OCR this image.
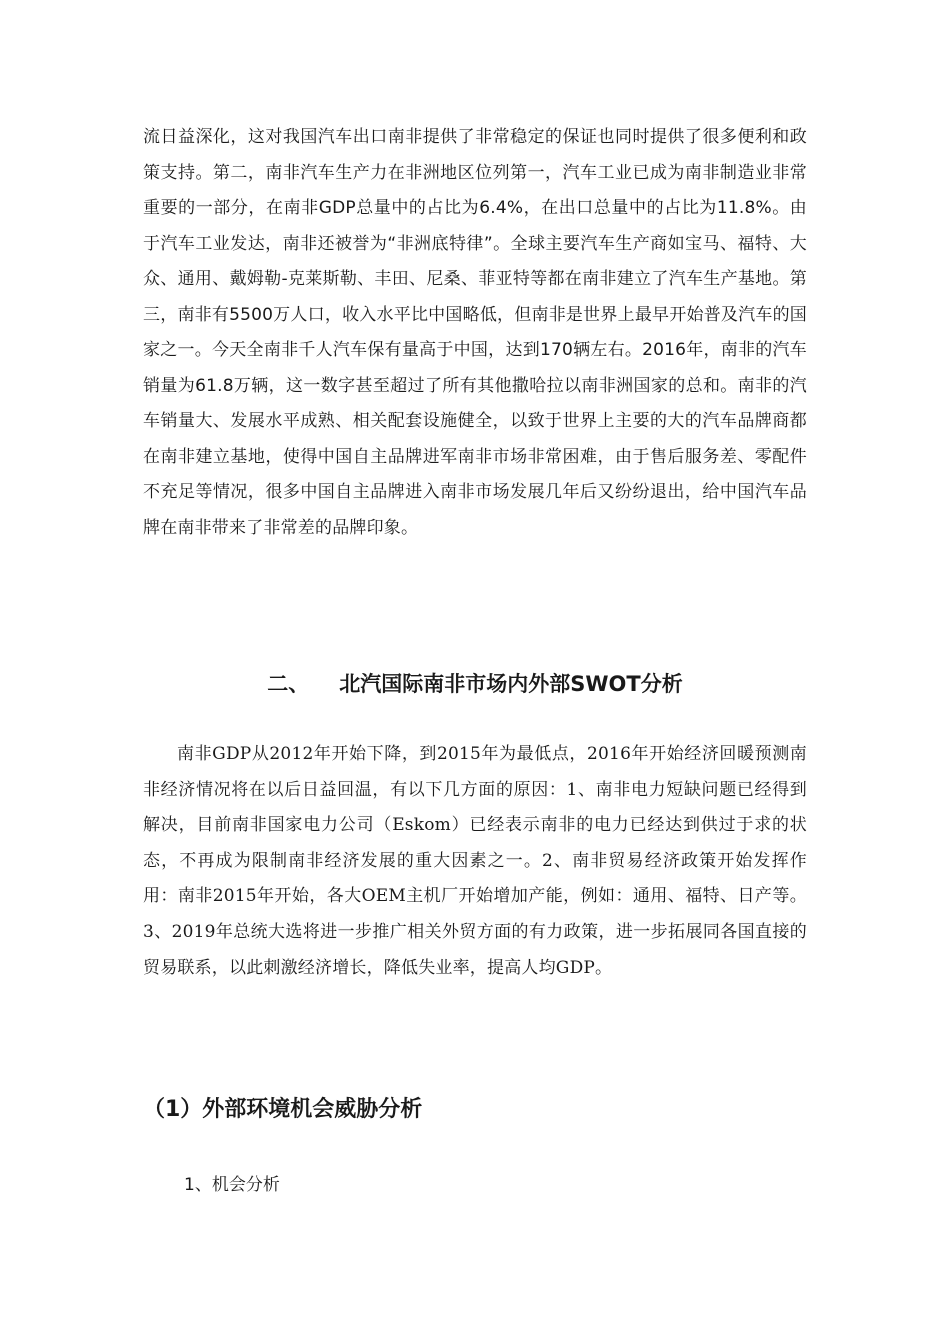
流日益深化，这对我国汽车出口南非提供了非常稳定的保证也同时提供了很多便利和政策支持。第二，南非汽车生产力在非洲地区位列第一，汽车工业已成为南非制造业非常重要的一部分，在南非GDP总量中的占比为6.4%，在出口总量中的占比为11.8%。由于汽车工业发达，南非还被誉为“非洲底特律”。全球主要汽车生产商如宝马、福特、大众、通用、戴姆勒-克莱斯勒、丰田、尼桑、菲亚特等都在南非建立了汽车生产基地。第三，南非有5500万人口，收入水平比中国略低，但南非是世界上最早开始普及汽车的国家之一。今天全南非千人汽车保有量高于中国，达到170辆左右。2016年，南非的汽车销量为61.8万辆，这一数字甚至超过了所有其他撒哈拉以南非洲国家的总和。南非的汽车销量大、发展水平成熟、相关配套设施健全，以致于世界上主要的大的汽车品牌商都在南非建立基地，使得中国自主品牌进军南非市场非常困难，由于售后服务差、零配件不充足等情况，很多中国自主品牌进入南非市场发展几年后又纷纷退出，给中国汽车品牌在南非带来了非常差的品牌印象。

二、 北汽国际南非市场内外部SWOT分析

南非GDP从2012年开始下降，到2015年为最低点，2016年开始经济回暖预测南非经济情况将在以后日益回温，有以下几方面的原因：1、南非电力短缺问题已经得到解决，目前南非国家电力公司（Eskom）已经表示南非的电力已经达到供过于求的状态，不再成为限制南非经济发展的重大因素之一。2、南非贸易经济政策开始发挥作用：南非2015年开始，各大OEM主机厂开始增加产能，例如：通用、福特、日产等。3、2019年总统大选将进一步推广相关外贸方面的有力政策，进一步拓展同各国直接的贸易联系，以此刺激经济增长，降低失业率，提高人均GDP。

（1）外部环境机会威胁分析

1、机会分析
